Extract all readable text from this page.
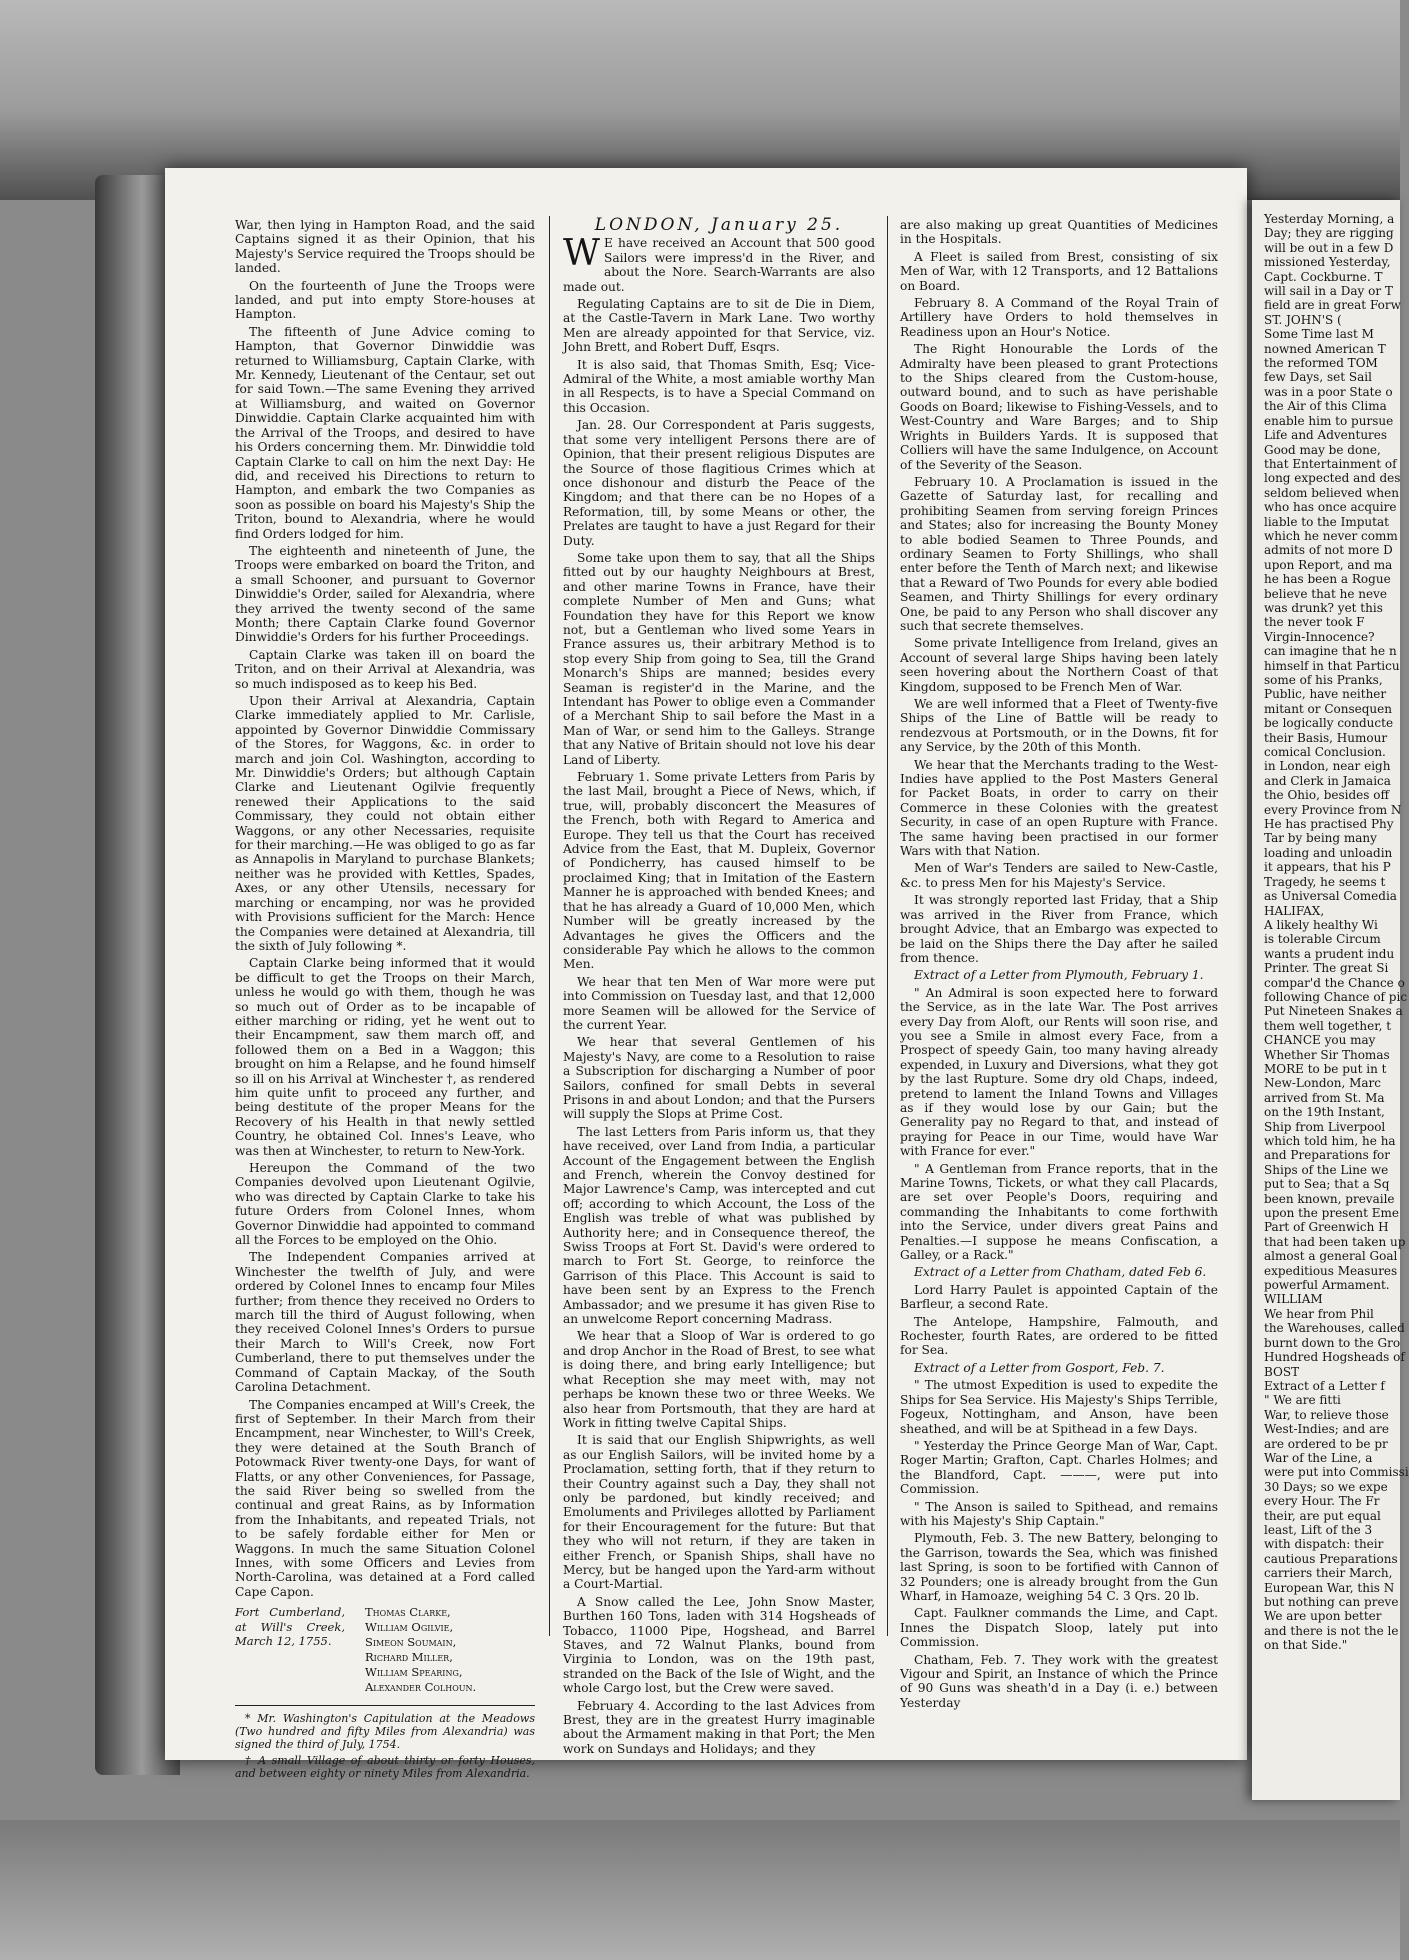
War, then lying in Hampton Road, and the said Captains signed it as their Opinion, that his Majesty's Service required the Troops should be landed.

On the fourteenth of June the Troops were landed, and put into empty Store-houses at Hampton.

The fifteenth of June Advice coming to Hampton, that Governor Dinwiddie was returned to Williamsburg, Captain Clarke, with Mr. Kennedy, Lieutenant of the Centaur, set out for said Town.—The same Evening they arrived at Williamsburg, and waited on Governor Dinwiddie. Captain Clarke acquainted him with the Arrival of the Troops, and desired to have his Orders concerning them. Mr. Dinwiddie told Captain Clarke to call on him the next Day: He did, and received his Directions to return to Hampton, and embark the two Companies as soon as possible on board his Majesty's Ship the Triton, bound to Alexandria, where he would find Orders lodged for him.

The eighteenth and nineteenth of June, the Troops were embarked on board the Triton, and a small Schooner, and pursuant to Governor Dinwiddie's Order, sailed for Alexandria, where they arrived the twenty second of the same Month; there Captain Clarke found Governor Dinwiddie's Orders for his further Proceedings.

Captain Clarke was taken ill on board the Triton, and on their Arrival at Alexandria, was so much indisposed as to keep his Bed.

Upon their Arrival at Alexandria, Captain Clarke immediately applied to Mr. Carlisle, appointed by Governor Dinwiddie Commissary of the Stores, for Waggons, &c. in order to march and join Col. Washington, according to Mr. Dinwiddie's Orders; but although Captain Clarke and Lieutenant Ogilvie frequently renewed their Applications to the said Commissary, they could not obtain either Waggons, or any other Necessaries, requisite for their marching.—He was obliged to go as far as Annapolis in Maryland to purchase Blankets; neither was he provided with Kettles, Spades, Axes, or any other Utensils, necessary for marching or encamping, nor was he provided with Provisions sufficient for the March: Hence the Companies were detained at Alexandria, till the sixth of July following *.

Captain Clarke being informed that it would be difficult to get the Troops on their March, unless he would go with them, though he was so much out of Order as to be incapable of either marching or riding, yet he went out to their Encampment, saw them march off, and followed them on a Bed in a Waggon; this brought on him a Relapse, and he found himself so ill on his Arrival at Winchester †, as rendered him quite unfit to proceed any further, and being destitute of the proper Means for the Recovery of his Health in that newly settled Country, he obtained Col. Innes's Leave, who was then at Winchester, to return to New-York.

Hereupon the Command of the two Companies devolved upon Lieutenant Ogilvie, who was directed by Captain Clarke to take his future Orders from Colonel Innes, whom Governor Dinwiddie had appointed to command all the Forces to be employed on the Ohio.

The Independent Companies arrived at Winchester the twelfth of July, and were ordered by Colonel Innes to encamp four Miles further; from thence they received no Orders to march till the third of August following, when they received Colonel Innes's Orders to pursue their March to Will's Creek, now Fort Cumberland, there to put themselves under the Command of Captain Mackay, of the South Carolina Detachment.

The Companies encamped at Will's Creek, the first of September. In their March from their Encampment, near Winchester, to Will's Creek, they were detained at the South Branch of Potowmack River twenty-one Days, for want of Flatts, or any other Conveniences, for Passage, the said River being so swelled from the continual and great Rains, as by Information from the Inhabitants, and repeated Trials, not to be safely fordable either for Men or Waggons. In much the same Situation Colonel Innes, with some Officers and Levies from North-Carolina, was detained at a Ford called Cape Capon.

Fort Cumberland, at Will's Creek, March 12, 1755.
Thomas Clarke,
William Ogilvie,
Simeon Soumain,
Richard Miller,
William Spearing,
Alexander Colhoun.
* Mr. Washington's Capitulation at the Meadows (Two hundred and fifty Miles from Alexandria) was signed the third of July, 1754.
† A small Village of about thirty or forty Houses, and between eighty or ninety Miles from Alexandria.
LONDON, January 25.

W E have received an Account that 500 good Sailors were impress'd in the River, and about the Nore. Search-Warrants are also made out.

Regulating Captains are to sit de Die in Diem, at the Castle-Tavern in Mark Lane. Two worthy Men are already appointed for that Service, viz. John Brett, and Robert Duff, Esqrs.

It is also said, that Thomas Smith, Esq; Vice-Admiral of the White, a most amiable worthy Man in all Respects, is to have a Special Command on this Occasion.

Jan. 28. Our Correspondent at Paris suggests, that some very intelligent Persons there are of Opinion, that their present religious Disputes are the Source of those flagitious Crimes which at once dishonour and disturb the Peace of the Kingdom; and that there can be no Hopes of a Reformation, till, by some Means or other, the Prelates are taught to have a just Regard for their Duty.

Some take upon them to say, that all the Ships fitted out by our haughty Neighbours at Brest, and other marine Towns in France, have their complete Number of Men and Guns; what Foundation they have for this Report we know not, but a Gentleman who lived some Years in France assures us, their arbitrary Method is to stop every Ship from going to Sea, till the Grand Monarch's Ships are manned; besides every Seaman is register'd in the Marine, and the Intendant has Power to oblige even a Commander of a Merchant Ship to sail before the Mast in a Man of War, or send him to the Galleys. Strange that any Native of Britain should not love his dear Land of Liberty.

February 1. Some private Letters from Paris by the last Mail, brought a Piece of News, which, if true, will, probably disconcert the Measures of the French, both with Regard to America and Europe. They tell us that the Court has received Advice from the East, that M. Dupleix, Governor of Pondicherry, has caused himself to be proclaimed King; that in Imitation of the Eastern Manner he is approached with bended Knees; and that he has already a Guard of 10,000 Men, which Number will be greatly increased by the Advantages he gives the Officers and the considerable Pay which he allows to the common Men.

We hear that ten Men of War more were put into Commission on Tuesday last, and that 12,000 more Seamen will be allowed for the Service of the current Year.

We hear that several Gentlemen of his Majesty's Navy, are come to a Resolution to raise a Subscription for discharging a Number of poor Sailors, confined for small Debts in several Prisons in and about London; and that the Pursers will supply the Slops at Prime Cost.

The last Letters from Paris inform us, that they have received, over Land from India, a particular Account of the Engagement between the English and French, wherein the Convoy destined for Major Lawrence's Camp, was intercepted and cut off; according to which Account, the Loss of the English was treble of what was published by Authority here; and in Consequence thereof, the Swiss Troops at Fort St. David's were ordered to march to Fort St. George, to reinforce the Garrison of this Place. This Account is said to have been sent by an Express to the French Ambassador; and we presume it has given Rise to an unwelcome Report concerning Madrass.

We hear that a Sloop of War is ordered to go and drop Anchor in the Road of Brest, to see what is doing there, and bring early Intelligence; but what Reception she may meet with, may not perhaps be known these two or three Weeks. We also hear from Portsmouth, that they are hard at Work in fitting twelve Capital Ships.

It is said that our English Shipwrights, as well as our English Sailors, will be invited home by a Proclamation, setting forth, that if they return to their Country against such a Day, they shall not only be pardoned, but kindly received; and Emoluments and Privileges allotted by Parliament for their Encouragement for the future: But that they who will not return, if they are taken in either French, or Spanish Ships, shall have no Mercy, but be hanged upon the Yard-arm without a Court-Martial.

A Snow called the Lee, John Snow Master, Burthen 160 Tons, laden with 314 Hogsheads of Tobacco, 11000 Pipe, Hogshead, and Barrel Staves, and 72 Walnut Planks, bound from Virginia to London, was on the 19th past, stranded on the Back of the Isle of Wight, and the whole Cargo lost, but the Crew were saved.

February 4. According to the last Advices from Brest, they are in the greatest Hurry imaginable about the Armament making in that Port; the Men work on Sundays and Holidays; and they

are also making up great Quantities of Medicines in the Hospitals.

A Fleet is sailed from Brest, consisting of six Men of War, with 12 Transports, and 12 Battalions on Board.

February 8. A Command of the Royal Train of Artillery have Orders to hold themselves in Readiness upon an Hour's Notice.

The Right Honourable the Lords of the Admiralty have been pleased to grant Protections to the Ships cleared from the Custom-house, outward bound, and to such as have perishable Goods on Board; likewise to Fishing-Vessels, and to West-Country and Ware Barges; and to Ship Wrights in Builders Yards. It is supposed that Colliers will have the same Indulgence, on Account of the Severity of the Season.

February 10. A Proclamation is issued in the Gazette of Saturday last, for recalling and prohibiting Seamen from serving foreign Princes and States; also for increasing the Bounty Money to able bodied Seamen to Three Pounds, and ordinary Seamen to Forty Shillings, who shall enter before the Tenth of March next; and likewise that a Reward of Two Pounds for every able bodied Seamen, and Thirty Shillings for every ordinary One, be paid to any Person who shall discover any such that secrete themselves.

Some private Intelligence from Ireland, gives an Account of several large Ships having been lately seen hovering about the Northern Coast of that Kingdom, supposed to be French Men of War.

We are well informed that a Fleet of Twenty-five Ships of the Line of Battle will be ready to rendezvous at Portsmouth, or in the Downs, fit for any Service, by the 20th of this Month.

We hear that the Merchants trading to the West-Indies have applied to the Post Masters General for Packet Boats, in order to carry on their Commerce in these Colonies with the greatest Security, in case of an open Rupture with France. The same having been practised in our former Wars with that Nation.

Men of War's Tenders are sailed to New-Castle, &c. to press Men for his Majesty's Service.

It was strongly reported last Friday, that a Ship was arrived in the River from France, which brought Advice, that an Embargo was expected to be laid on the Ships there the Day after he sailed from thence.

Extract of a Letter from Plymouth, February 1.

" An Admiral is soon expected here to forward the Service, as in the late War. The Post arrives every Day from Aloft, our Rents will soon rise, and you see a Smile in almost every Face, from a Prospect of speedy Gain, too many having already expended, in Luxury and Diversions, what they got by the last Rupture. Some dry old Chaps, indeed, pretend to lament the Inland Towns and Villages as if they would lose by our Gain; but the Generality pay no Regard to that, and instead of praying for Peace in our Time, would have War with France for ever."

" A Gentleman from France reports, that in the Marine Towns, Tickets, or what they call Placards, are set over People's Doors, requiring and commanding the Inhabitants to come forthwith into the Service, under divers great Pains and Penalties.—I suppose he means Confiscation, a Galley, or a Rack."

Extract of a Letter from Chatham, dated Feb 6.

Lord Harry Paulet is appointed Captain of the Barfleur, a second Rate.

The Antelope, Hampshire, Falmouth, and Rochester, fourth Rates, are ordered to be fitted for Sea.

Extract of a Letter from Gosport, Feb. 7.

" The utmost Expedition is used to expedite the Ships for Sea Service. His Majesty's Ships Terrible, Fogeux, Nottingham, and Anson, have been sheathed, and will be at Spithead in a few Days.

" Yesterday the Prince George Man of War, Capt. Roger Martin; Grafton, Capt. Charles Holmes; and the Blandford, Capt. ———, were put into Commission.

" The Anson is sailed to Spithead, and remains with his Majesty's Ship Captain."

Plymouth, Feb. 3. The new Battery, belonging to the Garrison, towards the Sea, which was finished last Spring, is soon to be fortified with Cannon of 32 Pounders; one is already brought from the Gun Wharf, in Hamoaze, weighing 54 C. 3 Qrs. 20 lb.

Capt. Faulkner commands the Lime, and Capt. Innes the Dispatch Sloop, lately put into Commission.

Chatham, Feb. 7. They work with the greatest Vigour and Spirit, an Instance of which the Prince of 90 Guns was sheath'd in a Day (i. e.) between Yesterday

Yesterday Morning, a
Day; they are rigging
will be out in a few D
missioned Yesterday,
Capt. Cockburne. T
will sail in a Day or T
field are in great Forw
ST. JOHN'S (
Some Time last M
nowned American T
the reformed TOM
few Days, set Sail
was in a poor State o
the Air of this Clima
enable him to pursue
Life and Adventures
Good may be done,
that Entertainment of
long expected and des
seldom believed when
who has once acquire
liable to the Imputat
which he never comm
admits of not more D
upon Report, and ma
he has been a Rogue
believe that he neve
was drunk? yet this
the never took F
Virgin-Innocence?
can imagine that he n
himself in that Particu
some of his Pranks,
Public, have neither
mitant or Consequen
be logically conducte
their Basis, Humour
comical Conclusion.
in London, near eigh
and Clerk in Jamaica
the Ohio, besides off
every Province from N
He has practised Phy
Tar by being many
loading and unloadin
it appears, that his P
Tragedy, he seems t
as Universal Comedia
HALIFAX,
A likely healthy Wi
is tolerable Circum
wants a prudent indu
Printer. The great Si
compar'd the Chance o
following Chance of pic
Put Nineteen Snakes a
them well together, t
CHANCE you may
Whether Sir Thomas
MORE to be put in t
New-London, Marc
arrived from St. Ma
on the 19th Instant,
Ship from Liverpool
which told him, he ha
and Preparations for
Ships of the Line we
put to Sea; that a Sq
been known, prevaile
upon the present Eme
Part of Greenwich H
that had been taken up
almost a general Goal
expeditious Measures
powerful Armament.
WILLIAM
We hear from Phil
the Warehouses, called
burnt down to the Gro
Hundred Hogsheads of
BOST
Extract of a Letter f
" We are fitti
War, to relieve those
West-Indies; and are
are ordered to be pr
War of the Line, a
were put into Commissi
30 Days; so we expe
every Hour. The Fr
their, are put equal
least, Lift of the 3
with dispatch: their
cautious Preparations
carriers their March,
European War, this N
but nothing can preve
We are upon better
and there is not the le
on that Side."
